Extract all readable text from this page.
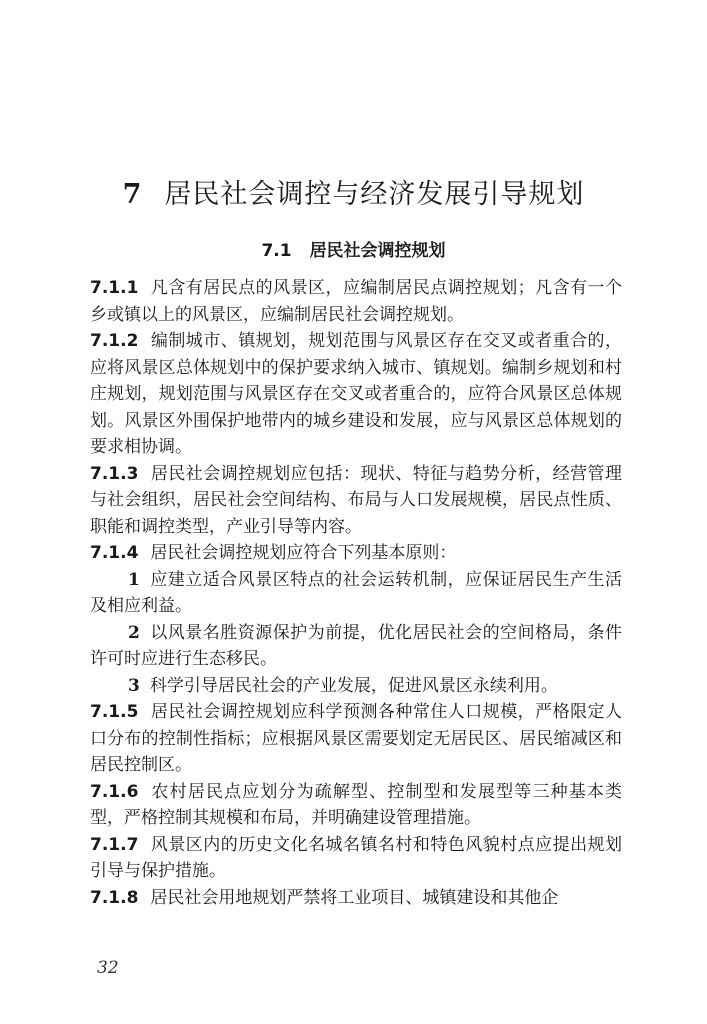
7 居民社会调控与经济发展引导规划
7.1 居民社会调控规划

7.1.1 凡含有居民点的风景区，应编制居民点调控规划；凡含有一个乡或镇以上的风景区，应编制居民社会调控规划。

7.1.2 编制城市、镇规划，规划范围与风景区存在交叉或者重合的，应将风景区总体规划中的保护要求纳入城市、镇规划。编制乡规划和村庄规划，规划范围与风景区存在交叉或者重合的，应符合风景区总体规划。风景区外围保护地带内的城乡建设和发展，应与风景区总体规划的要求相协调。

7.1.3 居民社会调控规划应包括：现状、特征与趋势分析，经营管理与社会组织，居民社会空间结构、布局与人口发展规模，居民点性质、职能和调控类型，产业引导等内容。

7.1.4 居民社会调控规划应符合下列基本原则：

1 应建立适合风景区特点的社会运转机制，应保证居民生产生活及相应利益。

2 以风景名胜资源保护为前提，优化居民社会的空间格局，条件许可时应进行生态移民。

3 科学引导居民社会的产业发展，促进风景区永续利用。

7.1.5 居民社会调控规划应科学预测各种常住人口规模，严格限定人口分布的控制性指标；应根据风景区需要划定无居民区、居民缩减区和居民控制区。

7.1.6 农村居民点应划分为疏解型、控制型和发展型等三种基本类型，严格控制其规模和布局，并明确建设管理措施。

7.1.7 风景区内的历史文化名城名镇名村和特色风貌村点应提出规划引导与保护措施。

7.1.8 居民社会用地规划严禁将工业项目、城镇建设和其他企

32
